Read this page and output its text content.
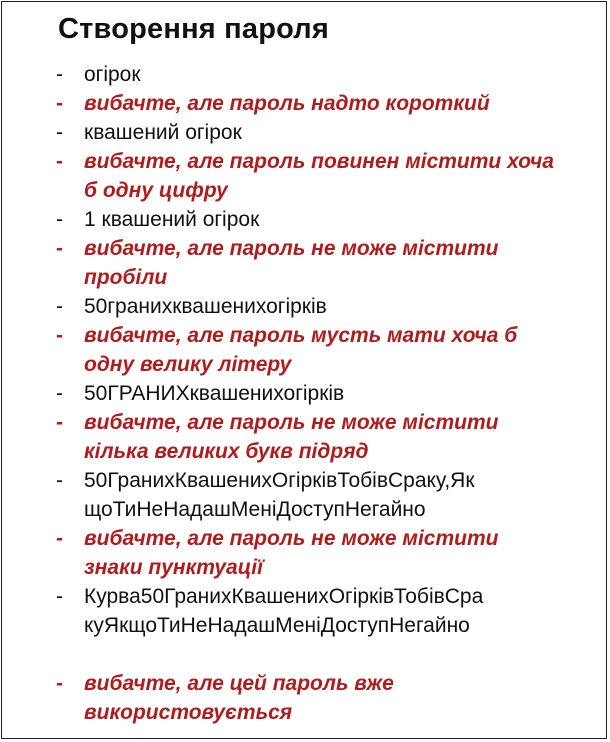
Створення пароля
- огірок
- вибачте, але пароль надто короткий
- квашений огірок
- вибачте, але пароль повинен містити хоча б одну цифру
- 1 квашений огірок
- вибачте, але пароль не може містити пробіли
- 50гранихквашенихогірків
- вибачте, але пароль мусть мати хоча б одну велику літеру
- 50ГРАНИХквашенихогірків
- вибачте, але пароль не може містити кілька великих букв підряд
- 50ГранихКвашенихОгірківТобівСраку,Як щоТиНеНадашМеніДоступНегайно
- вибачте, але пароль не може містити знаки пунктуації
- Курва50ГранихКвашенихОгірківТобівСра куЯкщоТиНеНадашМеніДоступНегайно
- вибачте, але цей пароль вже використовується
